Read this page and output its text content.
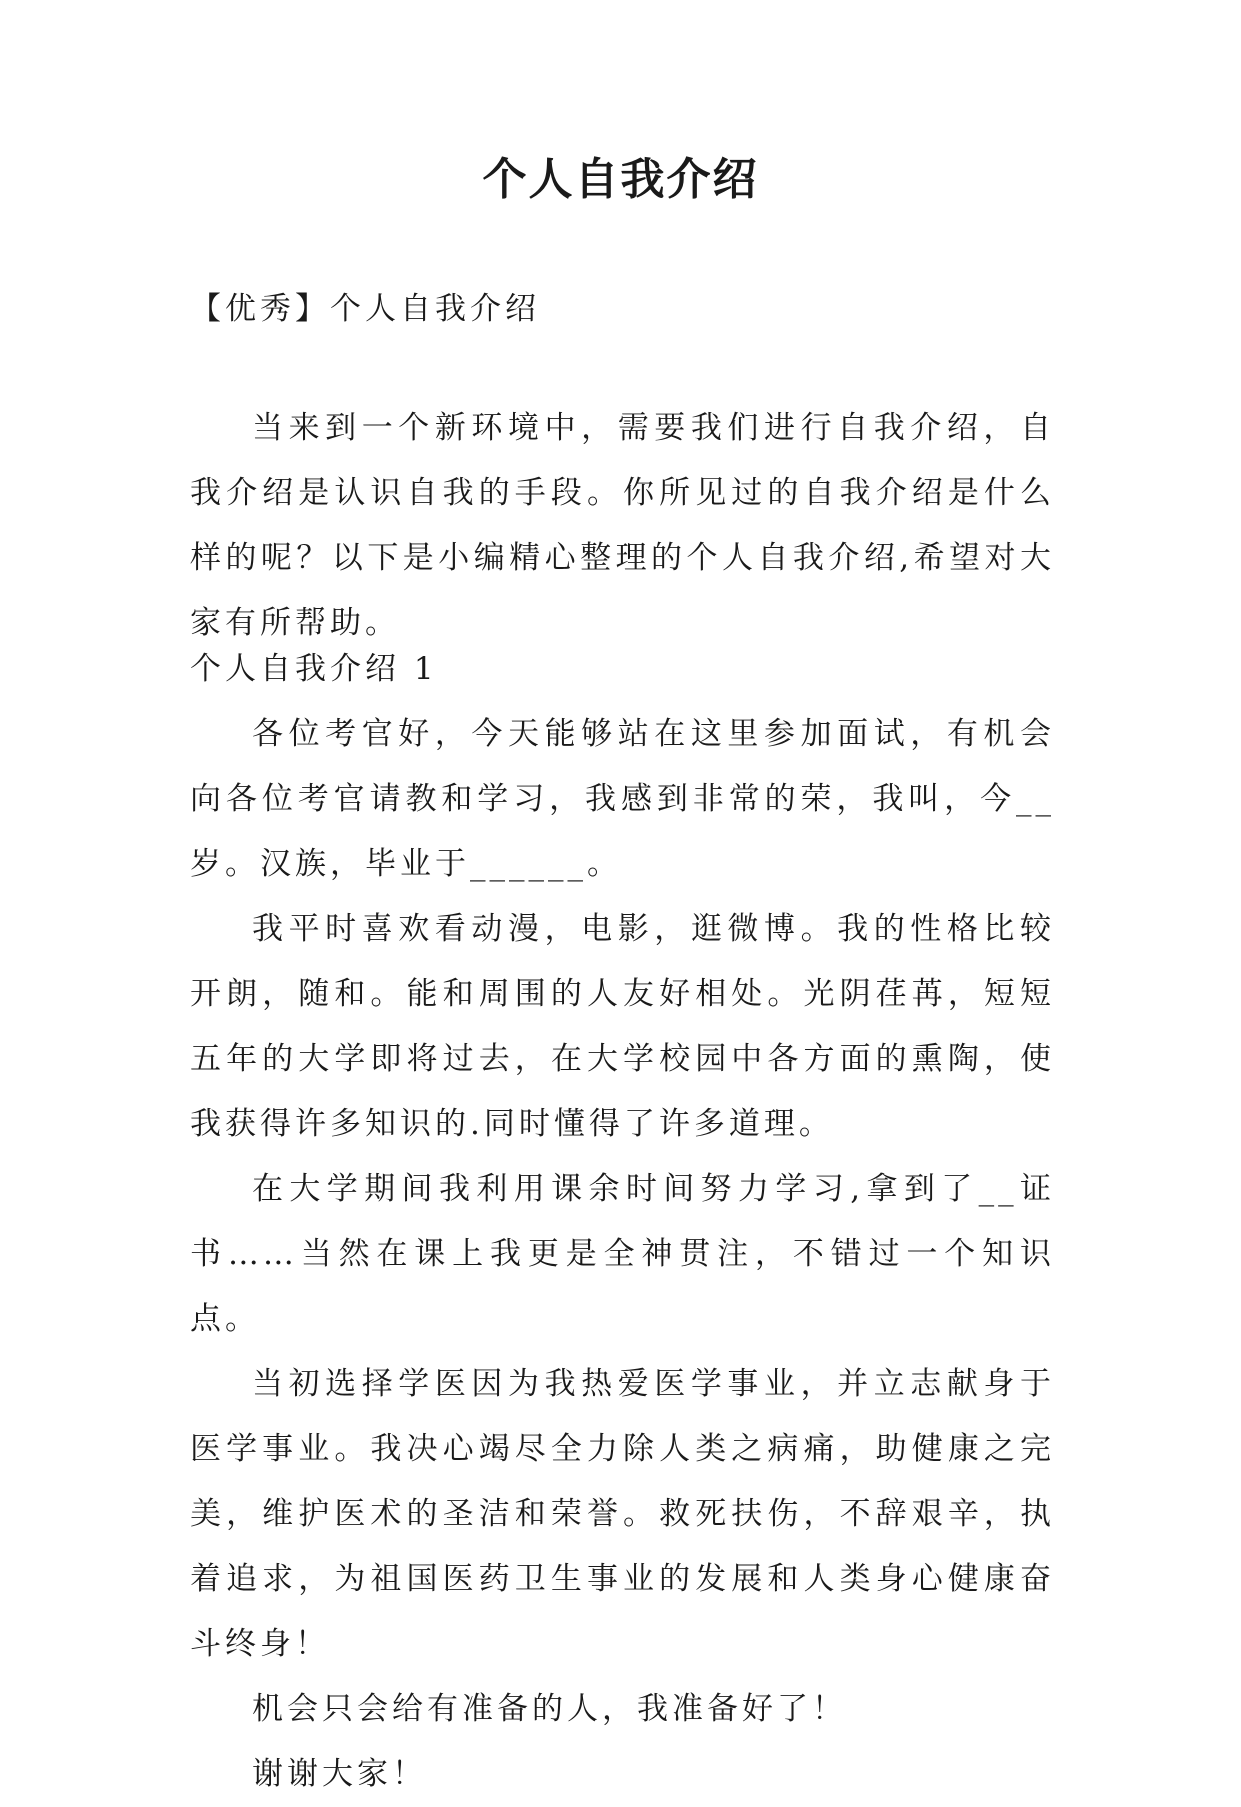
个人自我介绍
【优秀】个人自我介绍

当来到一个新环境中，需要我们进行自我介绍，自我介绍是认识自我的手段。你所见过的自我介绍是什么样的呢？以下是小编精心整理的个人自我介绍,希望对大家有所帮助。

个人自我介绍 1

各位考官好，今天能够站在这里参加面试，有机会向各位考官请教和学习，我感到非常的荣，我叫，今__岁。汉族，毕业于______。

我平时喜欢看动漫，电影，逛微博。我的性格比较开朗，随和。能和周围的人友好相处。光阴荏苒，短短五年的大学即将过去，在大学校园中各方面的熏陶，使我获得许多知识的.同时懂得了许多道理。

在大学期间我利用课余时间努力学习,拿到了__证书……当然在课上我更是全神贯注，不错过一个知识点。

当初选择学医因为我热爱医学事业，并立志献身于医学事业。我决心竭尽全力除人类之病痛，助健康之完美，维护医术的圣洁和荣誉。救死扶伤，不辞艰辛，执着追求，为祖国医药卫生事业的发展和人类身心健康奋斗终身！

机会只会给有准备的人，我准备好了！

谢谢大家！
